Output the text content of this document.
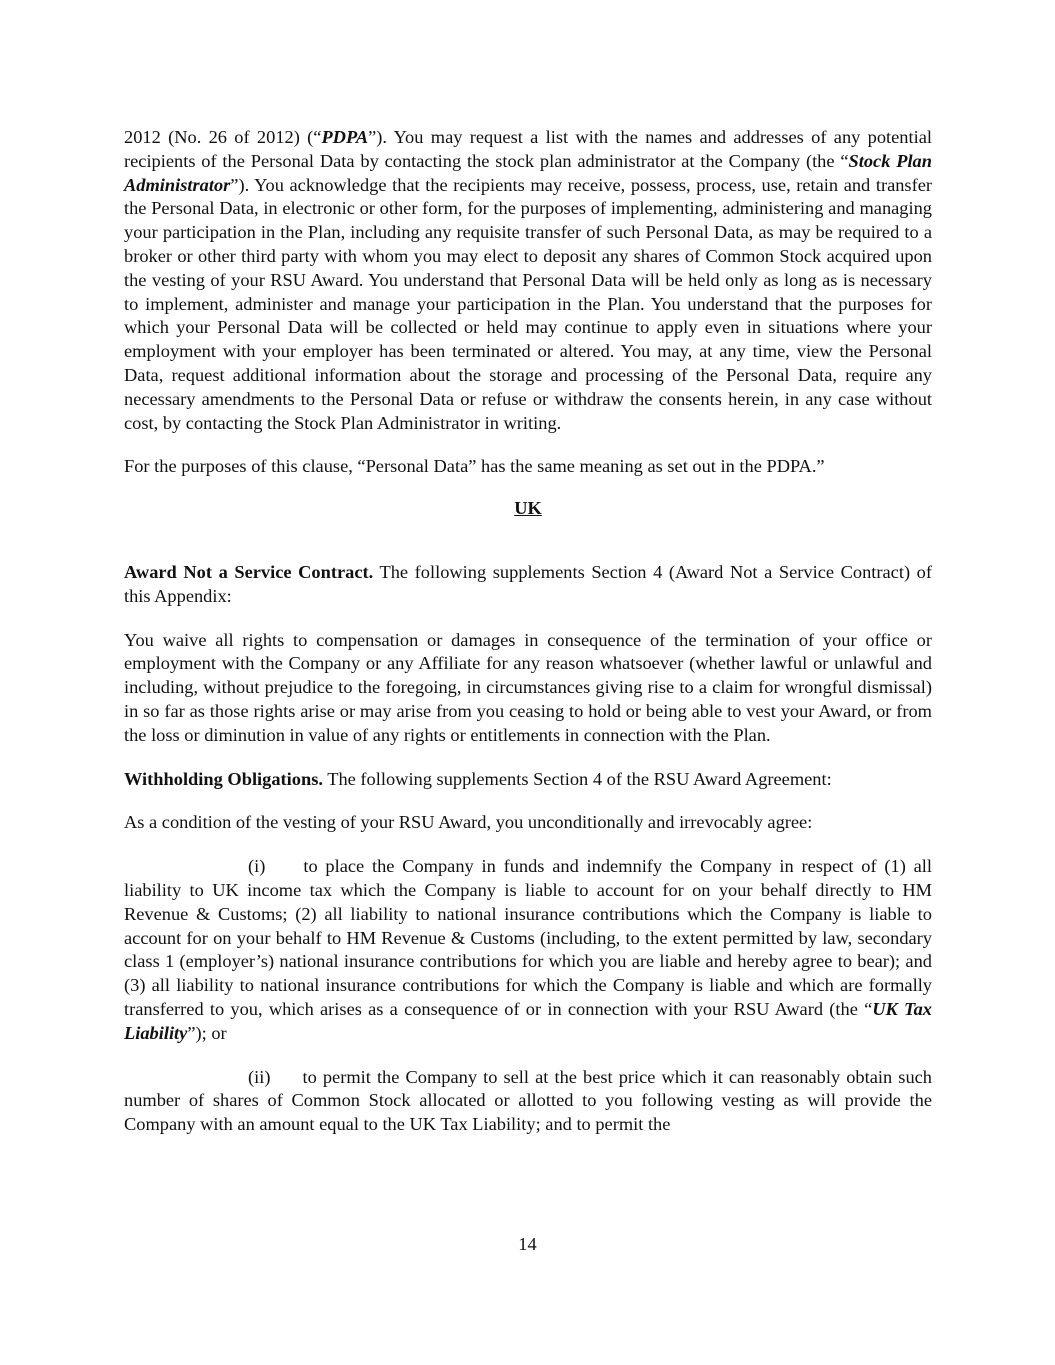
2012 (No. 26 of 2012) (“PDPA”). You may request a list with the names and addresses of any potential recipients of the Personal Data by contacting the stock plan administrator at the Company (the “Stock Plan Administrator”). You acknowledge that the recipients may receive, possess, process, use, retain and transfer the Personal Data, in electronic or other form, for the purposes of implementing, administering and managing your participation in the Plan, including any requisite transfer of such Personal Data, as may be required to a broker or other third party with whom you may elect to deposit any shares of Common Stock acquired upon the vesting of your RSU Award. You understand that Personal Data will be held only as long as is necessary to implement, administer and manage your participation in the Plan. You understand that the purposes for which your Personal Data will be collected or held may continue to apply even in situations where your employment with your employer has been terminated or altered. You may, at any time, view the Personal Data, request additional information about the storage and processing of the Personal Data, require any necessary amendments to the Personal Data or refuse or withdraw the consents herein, in any case without cost, by contacting the Stock Plan Administrator in writing.

For the purposes of this clause, “Personal Data” has the same meaning as set out in the PDPA.”

UK

Award Not a Service Contract. The following supplements Section 4 (Award Not a Service Contract) of this Appendix:

You waive all rights to compensation or damages in consequence of the termination of your office or employment with the Company or any Affiliate for any reason whatsoever (whether lawful or unlawful and including, without prejudice to the foregoing, in circumstances giving rise to a claim for wrongful dismissal) in so far as those rights arise or may arise from you ceasing to hold or being able to vest your Award, or from the loss or diminution in value of any rights or entitlements in connection with the Plan.

Withholding Obligations. The following supplements Section 4 of the RSU Award Agreement:

As a condition of the vesting of your RSU Award, you unconditionally and irrevocably agree:

(i) to place the Company in funds and indemnify the Company in respect of (1) all liability to UK income tax which the Company is liable to account for on your behalf directly to HM Revenue & Customs; (2) all liability to national insurance contributions which the Company is liable to account for on your behalf to HM Revenue & Customs (including, to the extent permitted by law, secondary class 1 (employer’s) national insurance contributions for which you are liable and hereby agree to bear); and (3) all liability to national insurance contributions for which the Company is liable and which are formally transferred to you, which arises as a consequence of or in connection with your RSU Award (the “UK Tax Liability”); or

(ii) to permit the Company to sell at the best price which it can reasonably obtain such number of shares of Common Stock allocated or allotted to you following vesting as will provide the Company with an amount equal to the UK Tax Liability; and to permit the

14
